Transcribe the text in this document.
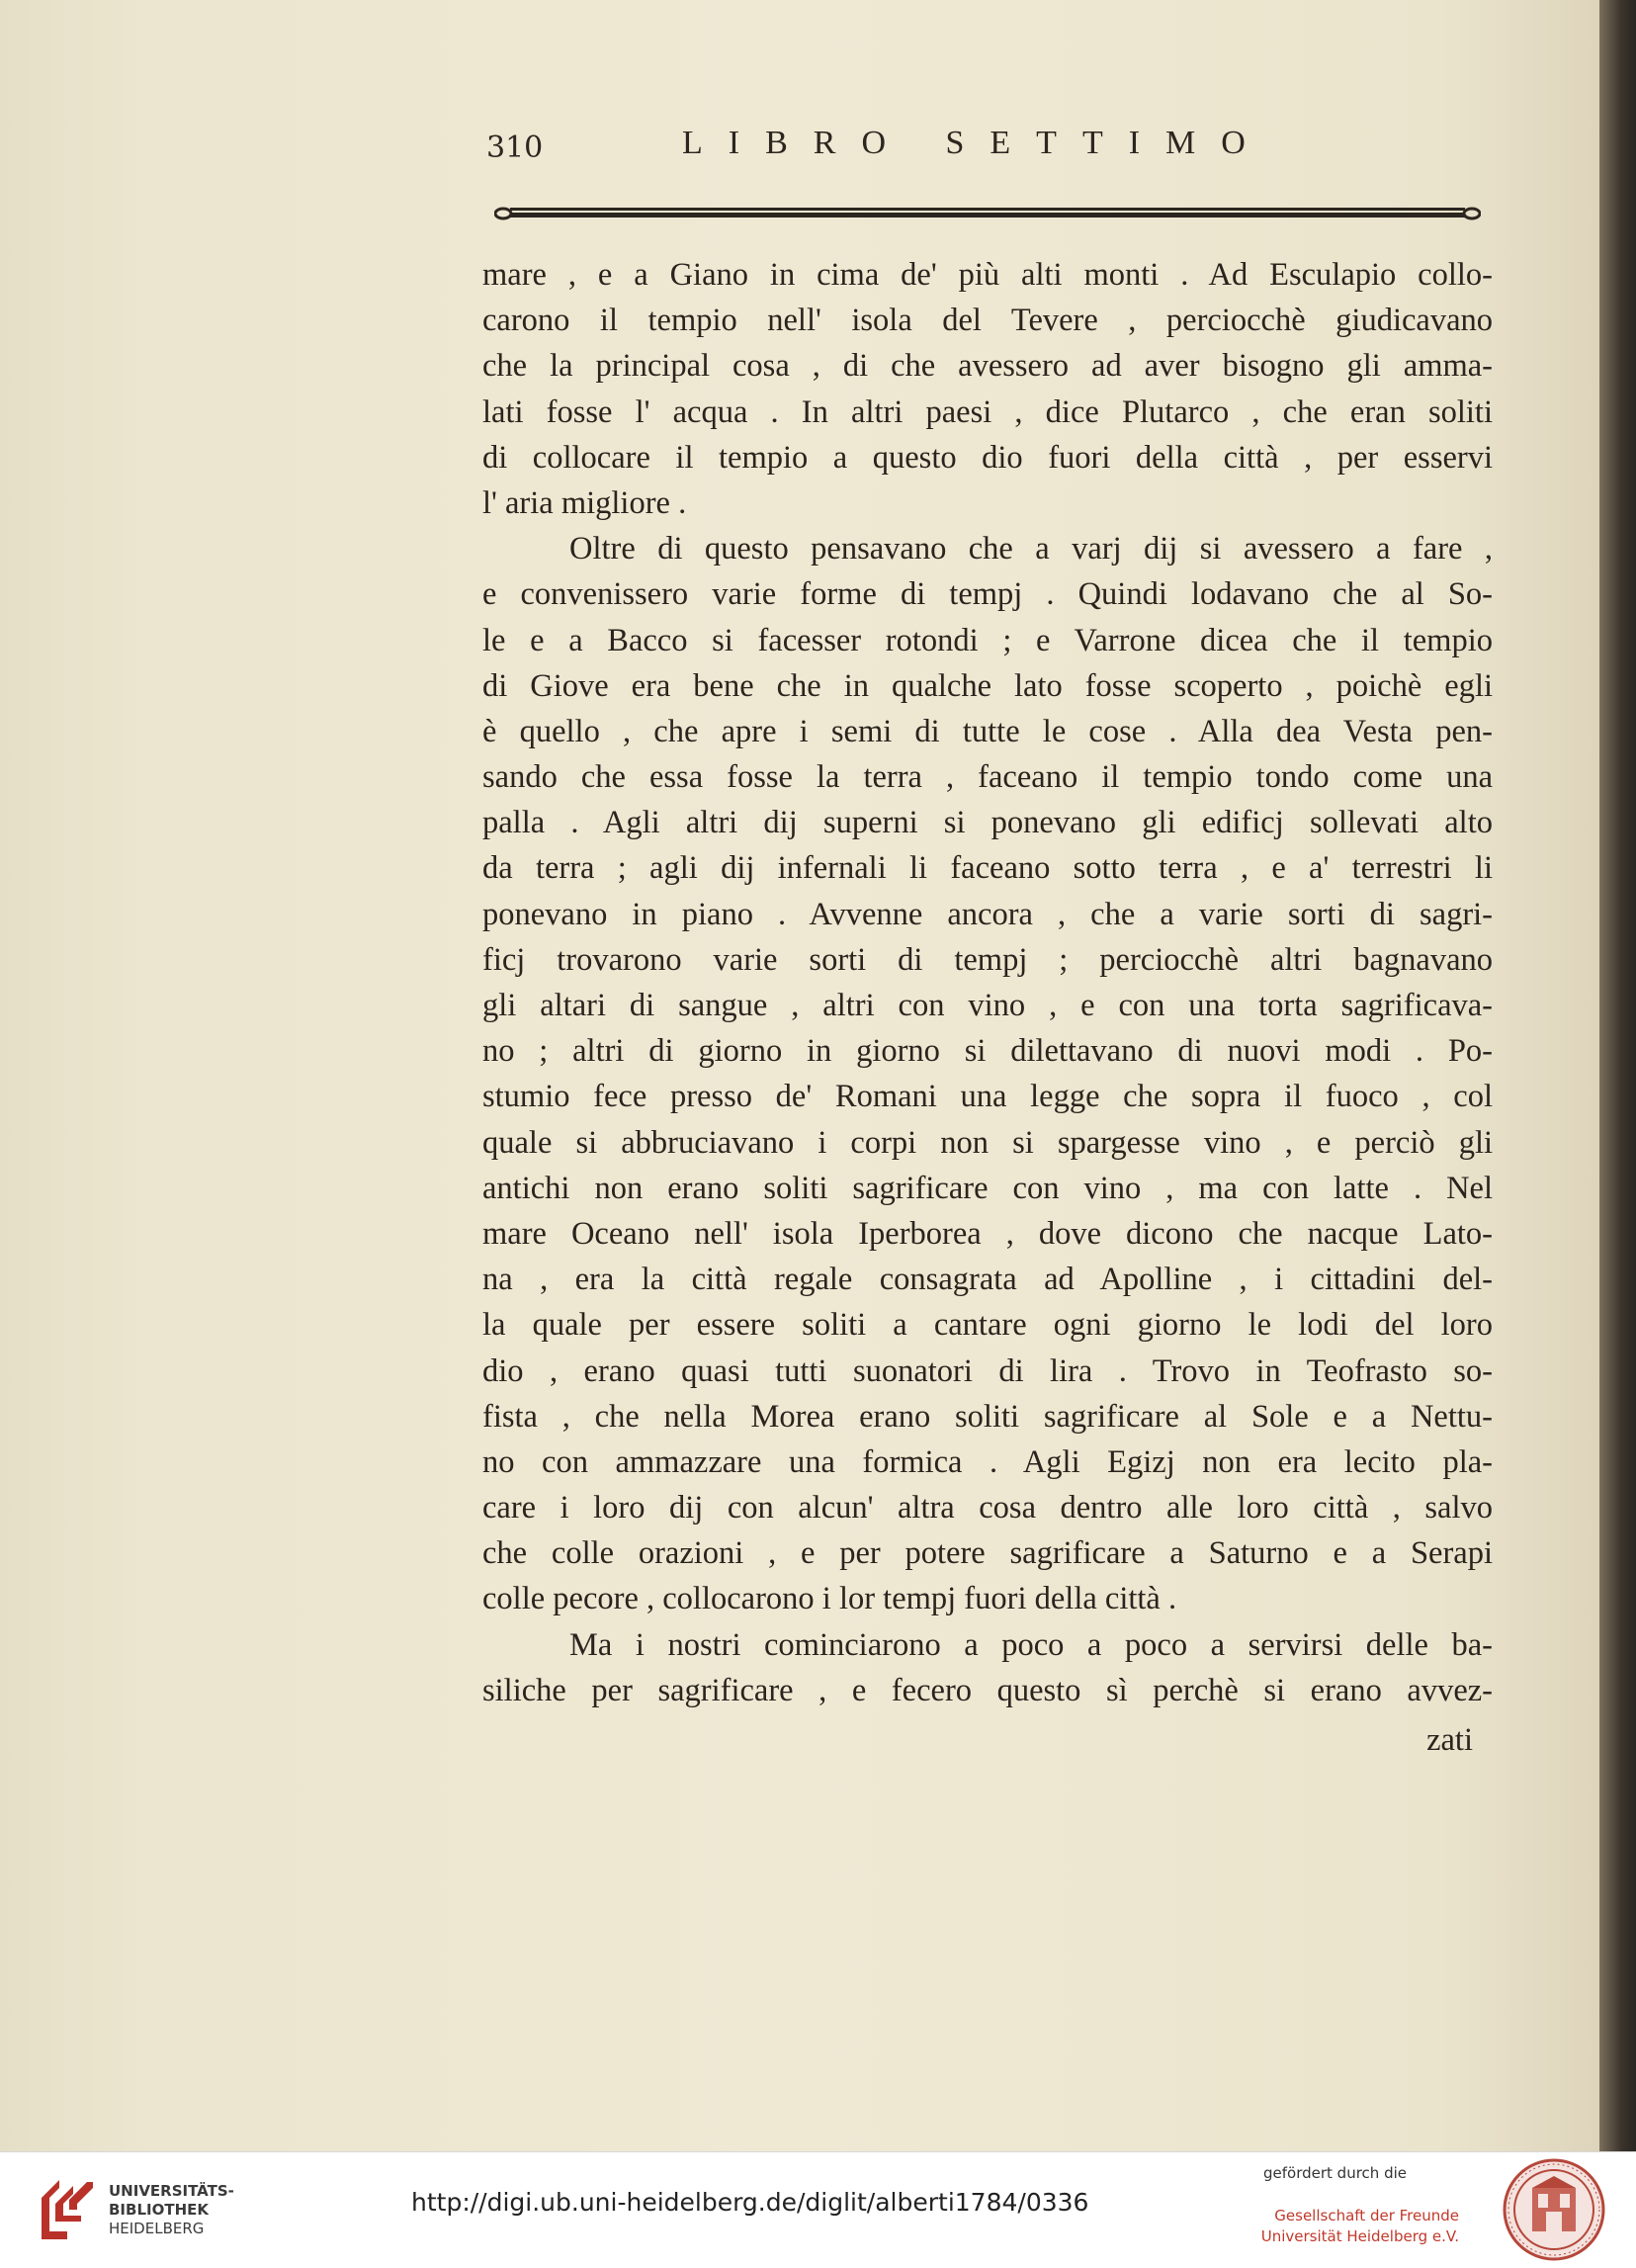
310	LIBRO SETTIMO
mare , e a Giano in cima de' più alti monti . Ad Esculapio collo-
carono il tempio nell' isola del Tevere , perciocchè giudicavano
che la principal cosa , di che avessero ad aver bisogno gli amma-
lati fosse l' acqua . In altri paesi , dice Plutarco , che eran soliti
di collocare il tempio a questo dio fuori della città , per esservi
l' aria migliore .
Oltre di questo pensavano che a varj dij si avessero a fare ,
e convenissero varie forme di tempj . Quindi lodavano che al So-
le e a Bacco si facesser rotondi ; e Varrone dicea che il tempio
di Giove era bene che in qualche lato fosse scoperto , poichè egli
è quello , che apre i semi di tutte le cose . Alla dea Vesta pen-
sando che essa fosse la terra , faceano il tempio tondo come una
palla . Agli altri dij superni si ponevano gli edificj sollevati alto
da terra ; agli dij infernali li faceano sotto terra , e a' terrestri li
ponevano in piano . Avvenne ancora , che a varie sorti di sagri-
ficj trovarono varie sorti di tempj ; perciocchè altri bagnavano
gli altari di sangue , altri con vino , e con una torta sagrificava-
no ; altri di giorno in giorno si dilettavano di nuovi modi . Po-
stumio fece presso de' Romani una legge che sopra il fuoco , col
quale si abbruciavano i corpi non si spargesse vino , e perciò gli
antichi non erano soliti sagrificare con vino , ma con latte . Nel
mare Oceano nell' isola Iperborea , dove dicono che nacque Lato-
na , era la città regale consagrata ad Apolline , i cittadini del-
la quale per essere soliti a cantare ogni giorno le lodi del loro
dio , erano quasi tutti suonatori di lira . Trovo in Teofrasto so-
fista , che nella Morea erano soliti sagrificare al Sole e a Nettu-
no con ammazzare una formica . Agli Egizj non era lecito pla-
care i loro dij con alcun' altra cosa dentro alle loro città , salvo
che colle orazioni , e per potere sagrificare a Saturno e a Serapi
colle pecore , collocarono i lor tempj fuori della città .
Ma i nostri cominciarono a poco a poco a servirsi delle ba-
siliche per sagrificare , e fecero questo sì perchè si erano avvez-
zati
UNIVERSITÄTS-
BIBLIOTHEK
HEIDELBERG
http://digi.ub.uni-heidelberg.de/diglit/alberti1784/0336
gefördert durch die
Gesellschaft der Freunde
Universität Heidelberg e.V.
